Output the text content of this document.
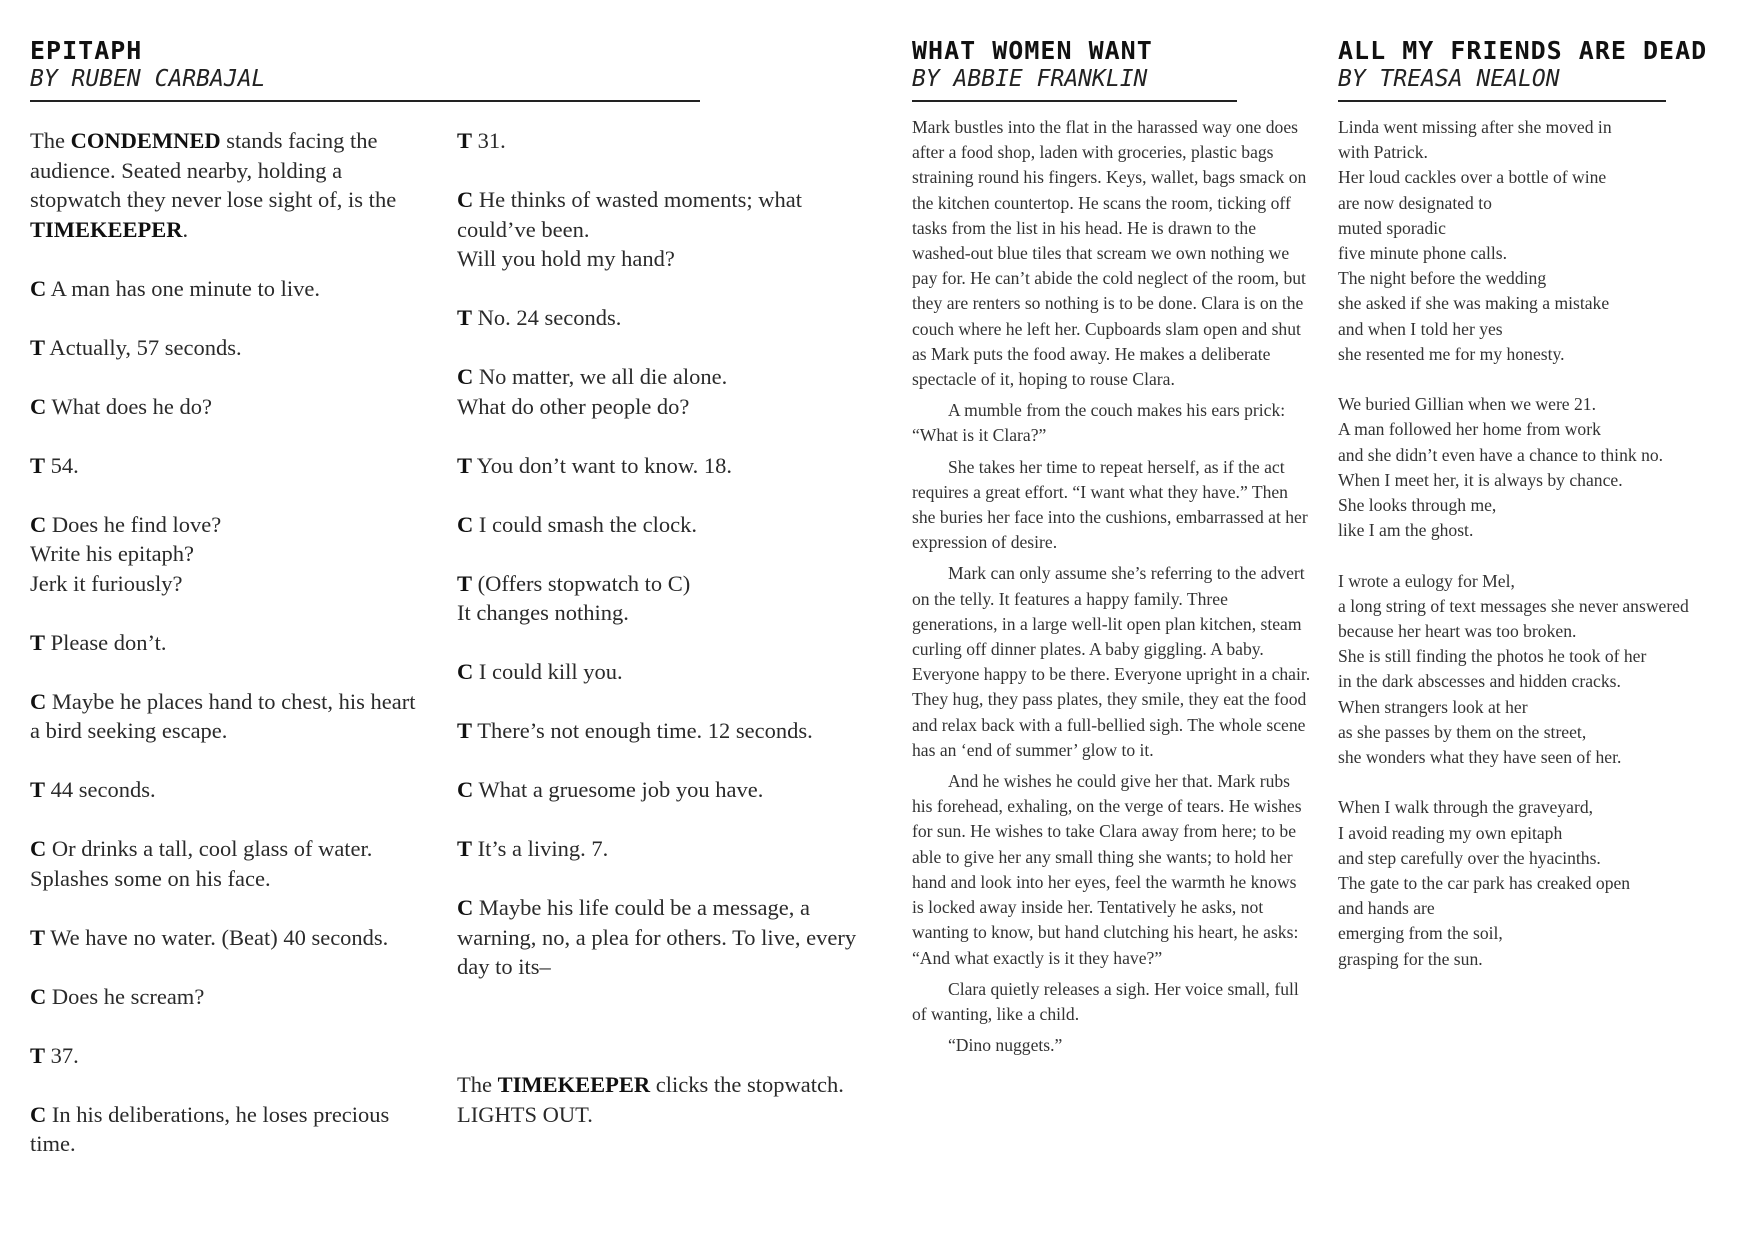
EPITAPH
BY RUBEN CARBAJAL

The CONDEMNED stands facing the audience. Seated nearby, holding a stopwatch they never lose sight of, is the TIMEKEEPER.

C A man has one minute to live.

T Actually, 57 seconds.

C What does he do?

T 54.

C Does he find love?
Write his epitaph?
Jerk it furiously?

T Please don’t.

C Maybe he places hand to chest, his heart a bird seeking escape.

T 44 seconds.

C Or drinks a tall, cool glass of water.
Splashes some on his face.

T We have no water. (Beat) 40 seconds.

C Does he scream?

T 37.

C In his deliberations, he loses precious time.

T 31.

C He thinks of wasted moments; what could’ve been.
Will you hold my hand?

T No. 24 seconds.

C No matter, we all die alone.
What do other people do?

T You don’t want to know. 18.

C I could smash the clock.

T (Offers stopwatch to C)
It changes nothing.

C I could kill you.

T There’s not enough time. 12 seconds.

C What a gruesome job you have.

T It’s a living. 7.

C Maybe his life could be a message, a warning, no, a plea for others. To live, every day to its–

The TIMEKEEPER clicks the stopwatch.
LIGHTS OUT.

WHAT WOMEN WANT
BY ABBIE FRANKLIN

Mark bustles into the flat in the harassed way one does after a food shop, laden with groceries, plastic bags straining round his fingers. Keys, wallet, bags smack on the kitchen countertop. He scans the room, ticking off tasks from the list in his head. He is drawn to the washed-out blue tiles that scream we own nothing we pay for. He can’t abide the cold neglect of the room, but they are renters so nothing is to be done. Clara is on the couch where he left her. Cupboards slam open and shut as Mark puts the food away. He makes a deliberate spectacle of it, hoping to rouse Clara.

A mumble from the couch makes his ears prick: “What is it Clara?”

She takes her time to repeat herself, as if the act requires a great effort. “I want what they have.” Then she buries her face into the cushions, embarrassed at her expression of desire.

Mark can only assume she’s referring to the advert on the telly. It features a happy family. Three generations, in a large well-lit open plan kitchen, steam curling off dinner plates. A baby giggling. A baby. Everyone happy to be there. Everyone upright in a chair. They hug, they pass plates, they smile, they eat the food and relax back with a full-bellied sigh. The whole scene has an ‘end of summer’ glow to it.

And he wishes he could give her that. Mark rubs his forehead, exhaling, on the verge of tears. He wishes for sun. He wishes to take Clara away from here; to be able to give her any small thing she wants; to hold her hand and look into her eyes, feel the warmth he knows is locked away inside her. Tentatively he asks, not wanting to know, but hand clutching his heart, he asks: “And what exactly is it they have?”

Clara quietly releases a sigh. Her voice small, full of wanting, like a child.

“Dino nuggets.”

ALL MY FRIENDS ARE DEAD
BY TREASA NEALON
Linda went missing after she moved in
with Patrick.
Her loud cackles over a bottle of wine
are now designated to
muted sporadic
five minute phone calls.
The night before the wedding
she asked if she was making a mistake
and when I told her yes
she resented me for my honesty.
We buried Gillian when we were 21.
A man followed her home from work
and she didn’t even have a chance to think no.
When I meet her, it is always by chance.
She looks through me,
like I am the ghost.
I wrote a eulogy for Mel,
a long string of text messages she never answered
because her heart was too broken.
She is still finding the photos he took of her
in the dark abscesses and hidden cracks.
When strangers look at her
as she passes by them on the street,
she wonders what they have seen of her.
When I walk through the graveyard,
I avoid reading my own epitaph
and step carefully over the hyacinths.
The gate to the car park has creaked open
and hands are
emerging from the soil,
grasping for the sun.
